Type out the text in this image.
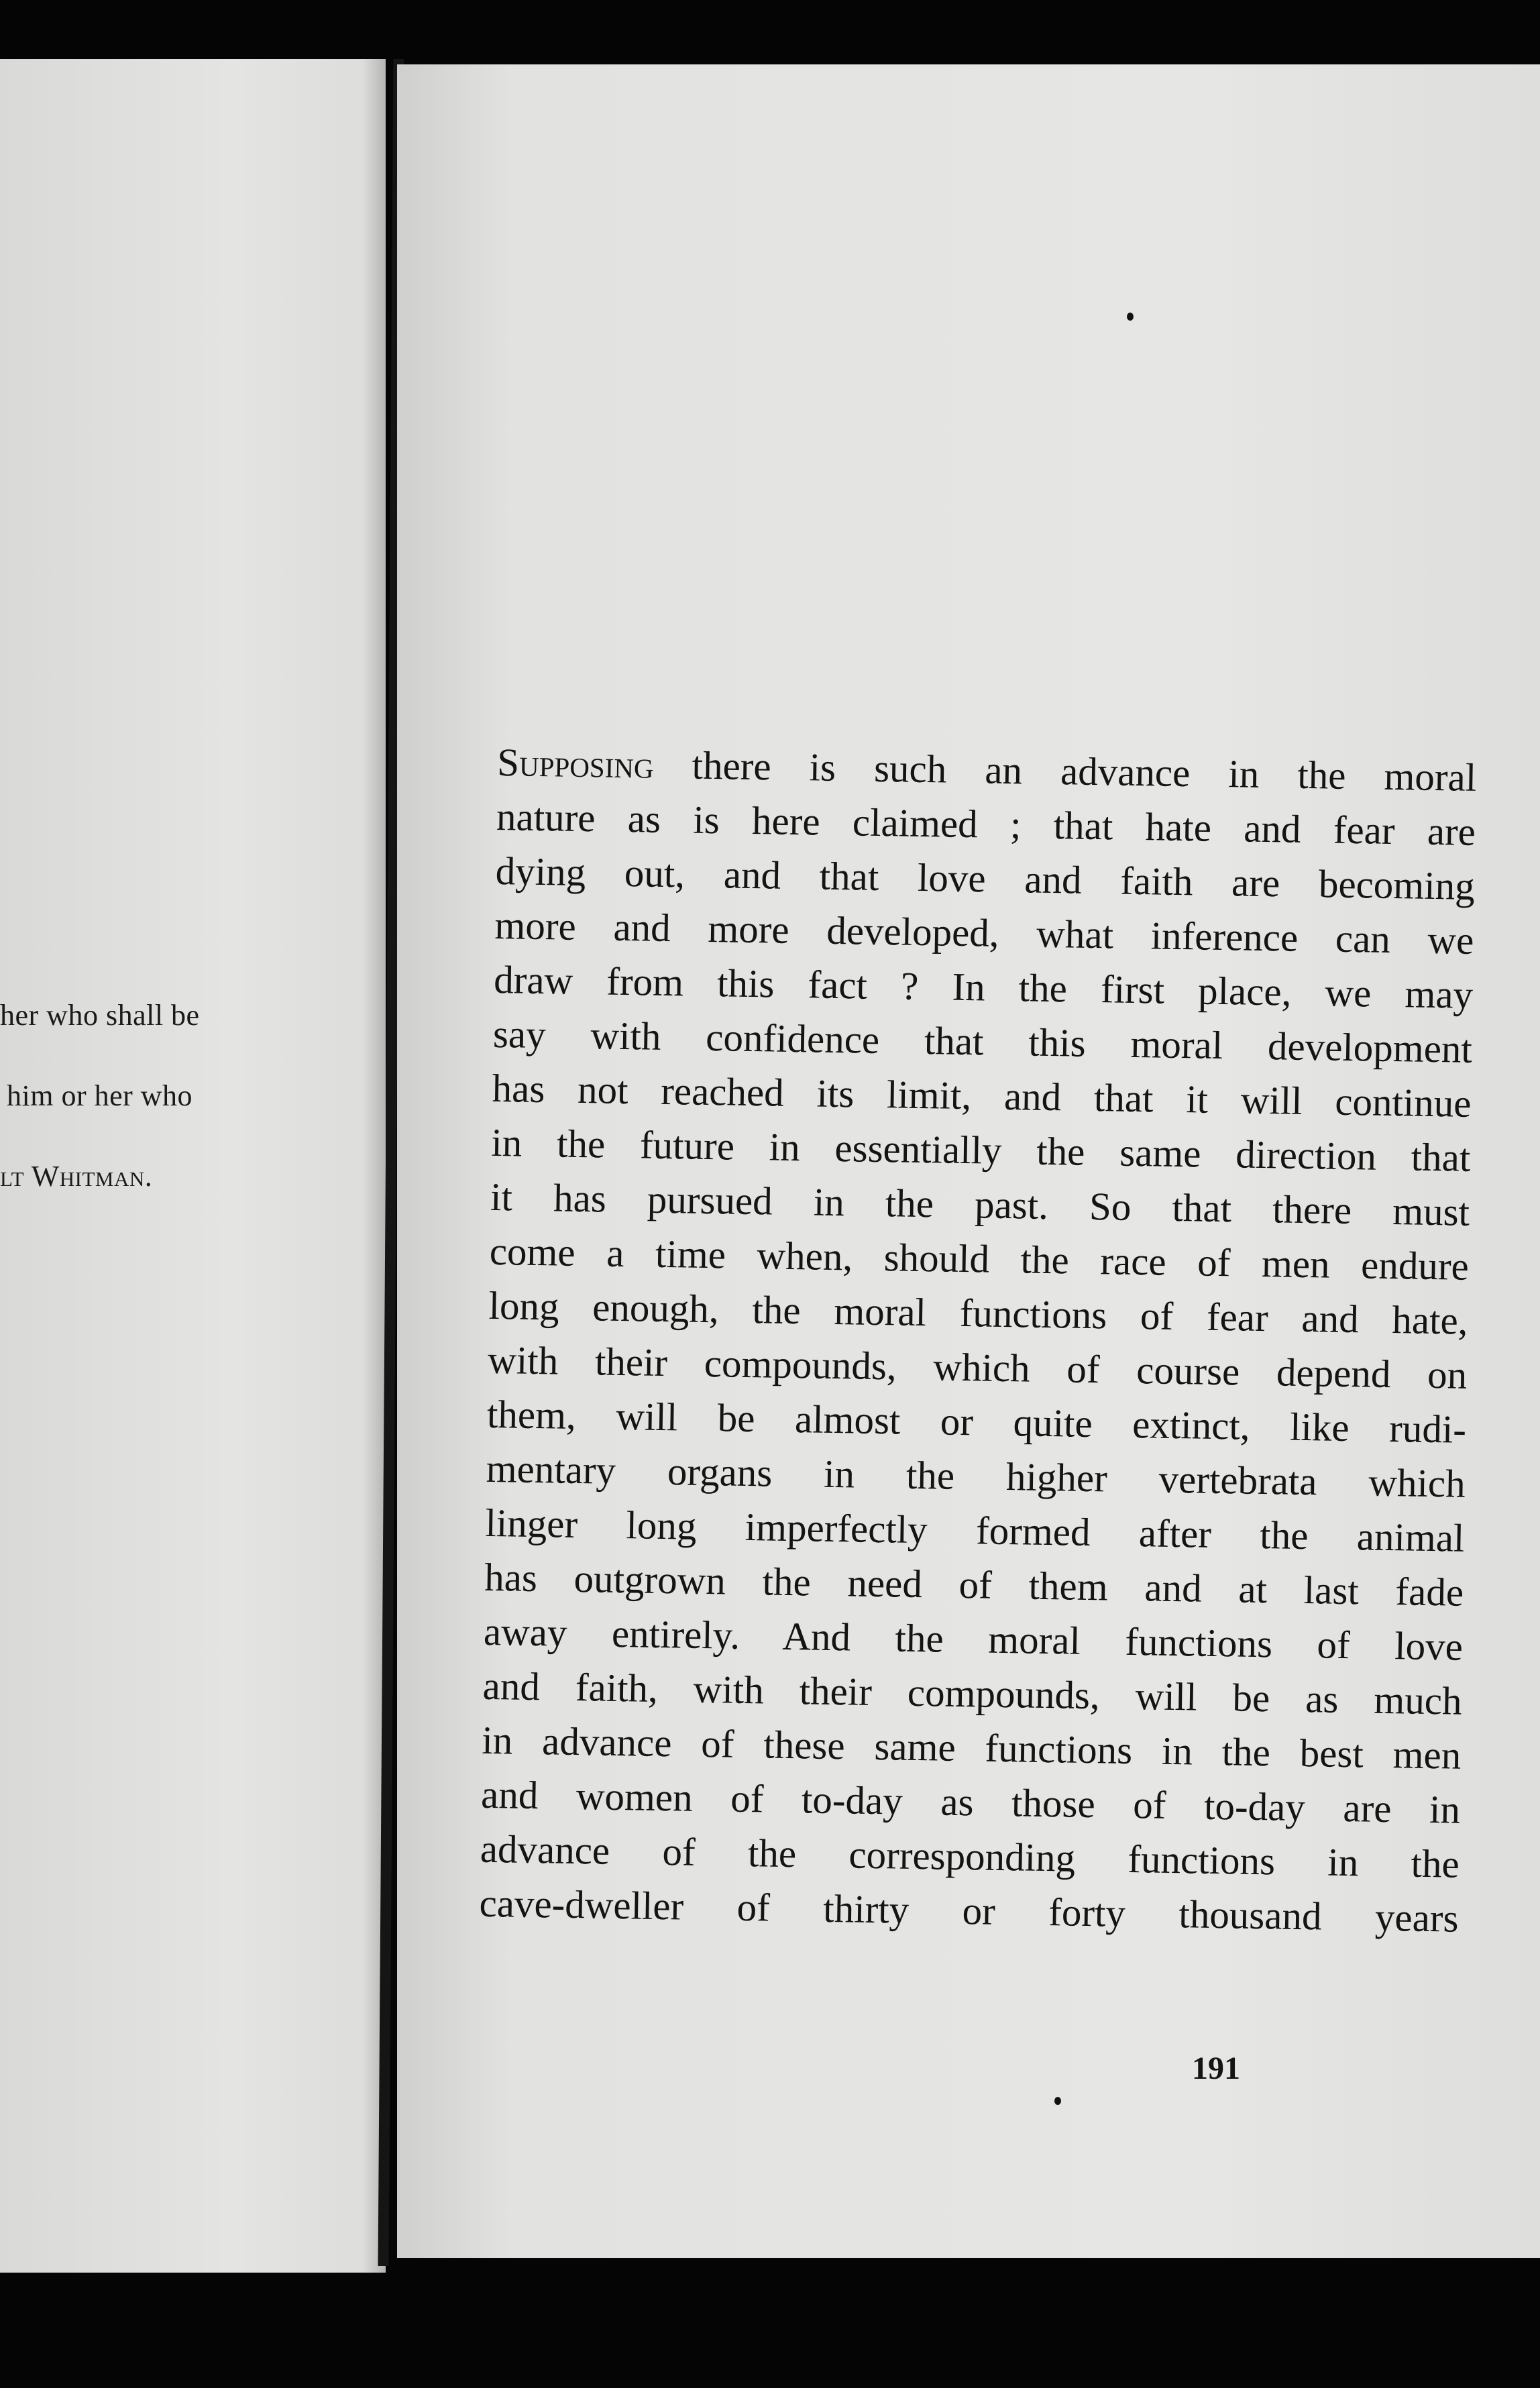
her who shall be
him or her who
lt Whitman.
Supposing there is such an advance in the moral
nature as is here claimed ; that hate and fear are
dying out, and that love and faith are becoming
more and more developed, what inference can we
draw from this fact ? In the first place, we may
say with confidence that this moral development
has not reached its limit, and that it will continue
in the future in essentially the same direction that
it has pursued in the past. So that there must
come a time when, should the race of men endure
long enough, the moral functions of fear and hate,
with their compounds, which of course depend on
them, will be almost or quite extinct, like rudi-
mentary organs in the higher vertebrata which
linger long imperfectly formed after the animal
has outgrown the need of them and at last fade
away entirely. And the moral functions of love
and faith, with their compounds, will be as much
in advance of these same functions in the best men
and women of to-day as those of to-day are in
advance of the corresponding functions in the
cave-dweller of thirty or forty thousand years
191
